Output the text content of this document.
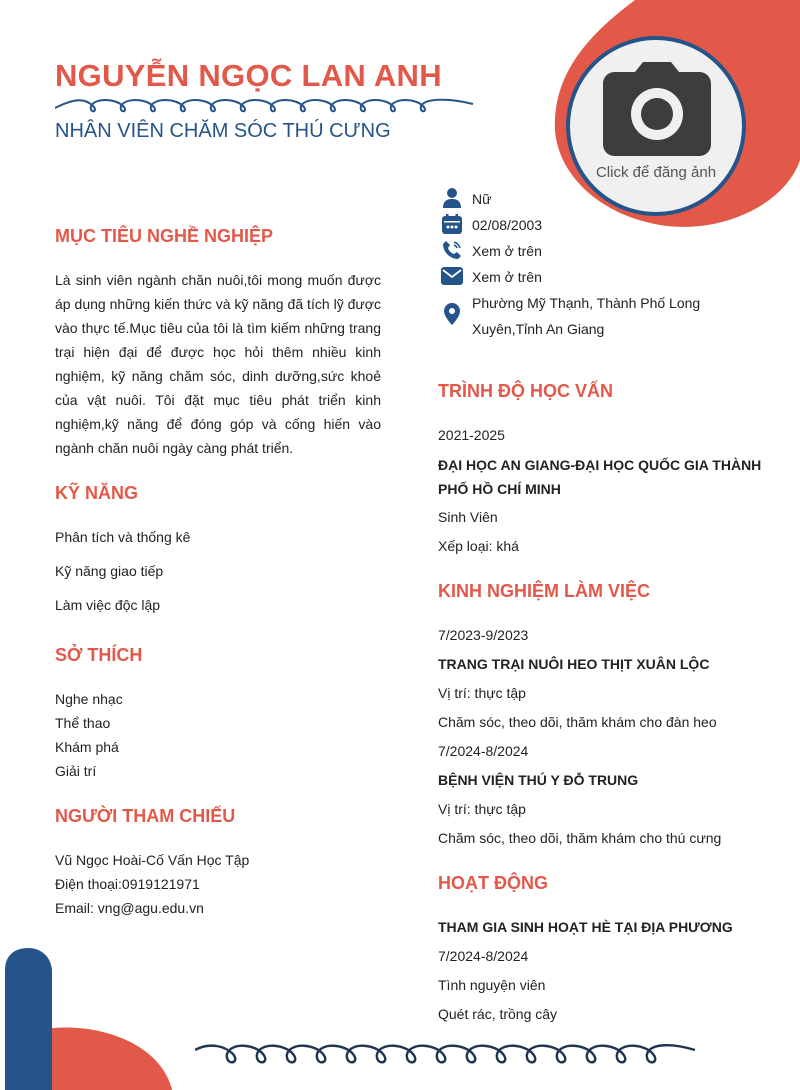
NGUYỄN NGỌC LAN ANH
NHÂN VIÊN CHĂM SÓC THÚ CƯNG
Click để đăng ảnh
Nữ
02/08/2003
Xem ở trên
Xem ở trên
Phường Mỹ Thạnh, Thành Phố Long Xuyên,Tỉnh An Giang
MỤC TIÊU NGHỀ NGHIỆP
Là sinh viên ngành chăn nuôi,tôi mong muốn được áp dụng những kiến thức và kỹ năng đã tích lỹ được vào thực tế.Mục tiêu của tôi là tìm kiếm những trang trại hiện đại để được học hỏi thêm nhiều kinh nghiệm, kỹ năng chăm sóc, dinh dưỡng,sức khoẻ của vật nuôi. Tôi đặt mục tiêu phát triển kinh nghiệm,kỹ năng để đóng góp và cống hiến vào ngành chăn nuôi ngày càng phát triển.
KỸ NĂNG
Phân tích và thống kê
Kỹ năng giao tiếp
Làm việc độc lập
SỞ THÍCH
Nghe nhạc
Thể thao
Khám phá
Giải trí
NGƯỜI THAM CHIẾU
Vũ Ngọc Hoài-Cố Vấn Học Tập
Điện thoại:0919121971
Email: vng@agu.edu.vn
TRÌNH ĐỘ HỌC VẤN
2021-2025
ĐẠI HỌC AN GIANG-ĐẠI HỌC QUỐC GIA THÀNH PHỐ HỒ CHÍ MINH
Sinh Viên
Xếp loại: khá
KINH NGHIỆM LÀM VIỆC
7/2023-9/2023
TRANG TRẠI NUÔI HEO THỊT XUÂN LỘC
Vị trí: thực tập
Chăm sóc, theo dõi, thăm khám cho đàn heo
7/2024-8/2024
BỆNH VIỆN THÚ Y ĐỖ TRUNG
Vị trí: thực tập
Chăm sóc, theo dõi, thăm khám cho thú cưng
HOẠT ĐỘNG
THAM GIA SINH HOẠT HÈ TẠI ĐỊA PHƯƠNG
7/2024-8/2024
Tình nguyện viên
Quét rác, trồng cây
